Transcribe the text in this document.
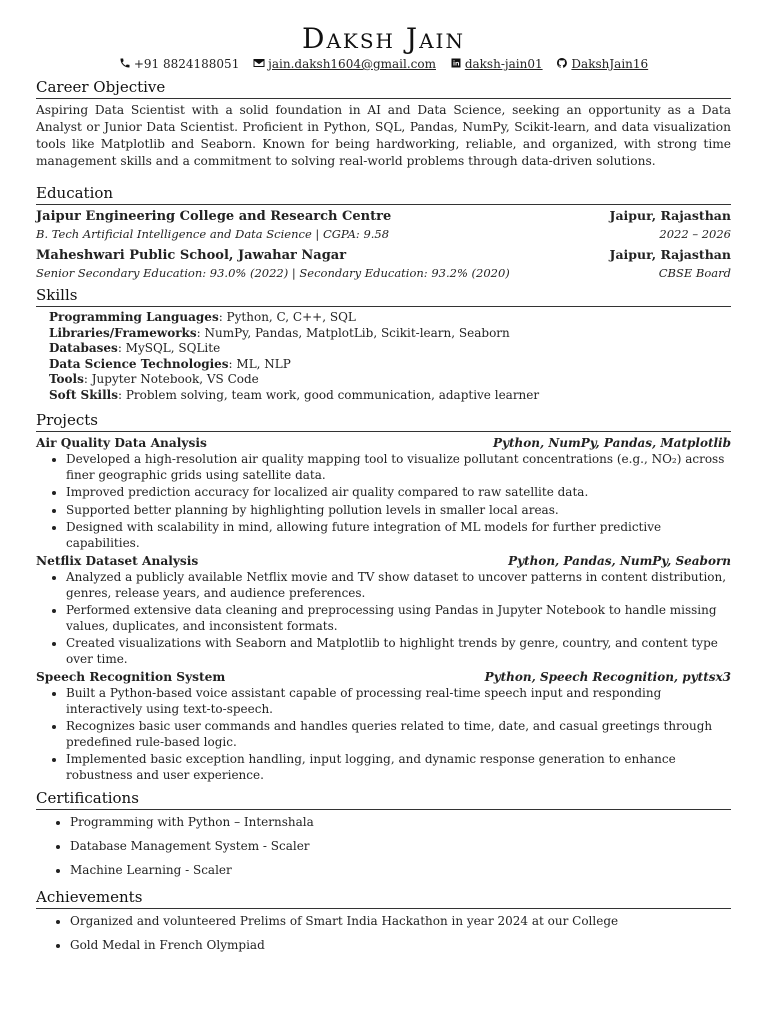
Daksh Jain
+91 8824188051 jain.daksh1604@gmail.com daksh-jain01 DakshJain16
Career Objective

Aspiring Data Scientist with a solid foundation in AI and Data Science, seeking an opportunity as a Data Analyst or Junior Data Scientist. Proficient in Python, SQL, Pandas, NumPy, Scikit-learn, and data visualization tools like Matplotlib and Seaborn. Known for being hardworking, reliable, and organized, with strong time management skills and a commitment to solving real-world problems through data-driven solutions.

Education
Jaipur Engineering College and Research Centre	Jaipur, Rajasthan
B. Tech Artificial Intelligence and Data Science | CGPA: 9.58	2022 – 2026
Maheshwari Public School, Jawahar Nagar	Jaipur, Rajasthan
Senior Secondary Education: 93.0% (2022) | Secondary Education: 93.2% (2020)	CBSE Board
Skills
Programming Languages: Python, C, C++, SQL
Libraries/Frameworks: NumPy, Pandas, MatplotLib, Scikit-learn, Seaborn
Databases: MySQL, SQLite
Data Science Technologies: ML, NLP
Tools: Jupyter Notebook, VS Code
Soft Skills: Problem solving, team work, good communication, adaptive learner
Projects
Air Quality Data Analysis	Python, NumPy, Pandas, Matplotlib
• Developed a high-resolution air quality mapping tool to visualize pollutant concentrations (e.g., NO₂) across finer geographic grids using satellite data.
• Improved prediction accuracy for localized air quality compared to raw satellite data.
• Supported better planning by highlighting pollution levels in smaller local areas.
• Designed with scalability in mind, allowing future integration of ML models for further predictive capabilities.
Netflix Dataset Analysis	Python, Pandas, NumPy, Seaborn
• Analyzed a publicly available Netflix movie and TV show dataset to uncover patterns in content distribution, genres, release years, and audience preferences.
• Performed extensive data cleaning and preprocessing using Pandas in Jupyter Notebook to handle missing values, duplicates, and inconsistent formats.
• Created visualizations with Seaborn and Matplotlib to highlight trends by genre, country, and content type over time.
Speech Recognition System	Python, Speech Recognition, pyttsx3
• Built a Python-based voice assistant capable of processing real-time speech input and responding interactively using text-to-speech.
• Recognizes basic user commands and handles queries related to time, date, and casual greetings through predefined rule-based logic.
• Implemented basic exception handling, input logging, and dynamic response generation to enhance robustness and user experience.
Certifications
• Programming with Python – Internshala
• Database Management System - Scaler
• Machine Learning - Scaler
Achievements
• Organized and volunteered Prelims of Smart India Hackathon in year 2024 at our College
• Gold Medal in French Olympiad
